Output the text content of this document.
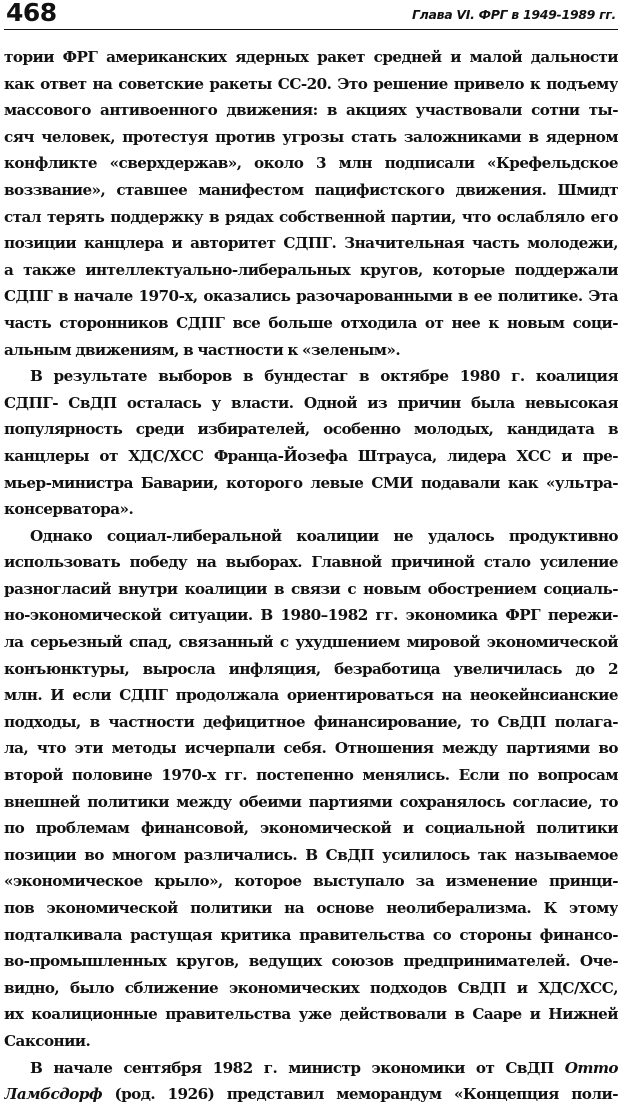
468	Глава VI. ФРГ в 1949-1989 гг.
тории ФРГ американских ядерных ракет средней и малой дальности
как ответ на советские ракеты СС-20. Это решение привело к подъему
массового антивоенного движения: в акциях участвовали сотни ты-
сяч человек, протестуя против угрозы стать заложниками в ядерном
конфликте «сверхдержав», около 3 млн подписали «Крефельдское
воззвание», ставшее манифестом пацифистского движения. Шмидт
стал терять поддержку в рядах собственной партии, что ослабляло его
позиции канцлера и авторитет СДПГ. Значительная часть молодежи,
а также интеллектуально-либеральных кругов, которые поддержали
СДПГ в начале 1970-х, оказались разочарованными в ее политике. Эта
часть сторонников СДПГ все больше отходила от нее к новым соци-
альным движениям, в частности к «зеленым».
В результате выборов в бундестаг в октябре 1980 г. коалиция
СДПГ- СвДП осталась у власти. Одной из причин была невысокая
популярность среди избирателей, особенно молодых, кандидата в
канцлеры от ХДС/ХСС Франца-Йозефа Штрауса, лидера ХСС и пре-
мьер-министра Баварии, которого левые СМИ подавали как «ультра-
консерватора».
Однако социал-либеральной коалиции не удалось продуктивно
использовать победу на выборах. Главной причиной стало усиление
разногласий внутри коалиции в связи с новым обострением социаль-
но-экономической ситуации. В 1980–1982 гг. экономика ФРГ пережи-
ла серьезный спад, связанный с ухудшением мировой экономической
конъюнктуры, выросла инфляция, безработица увеличилась до 2
млн. И если СДПГ продолжала ориентироваться на неокейнсианские
подходы, в частности дефицитное финансирование, то СвДП полага-
ла, что эти методы исчерпали себя. Отношения между партиями во
второй половине 1970-х гг. постепенно менялись. Если по вопросам
внешней политики между обеими партиями сохранялось согласие, то
по проблемам финансовой, экономической и социальной политики
позиции во многом различались. В СвДП усилилось так называемое
«экономическое крыло», которое выступало за изменение принци-
пов экономической политики на основе неолиберализма. К этому
подталкивала растущая критика правительства со стороны финансо-
во-промышленных кругов, ведущих союзов предпринимателей. Оче-
видно, было сближение экономических подходов СвДП и ХДС/ХСС,
их коалиционные правительства уже действовали в Сааре и Нижней
Саксонии.
В начале сентября 1982 г. министр экономики от СвДП Отто
Ламбсдорф (род. 1926) представил меморандум «Концепция поли-
